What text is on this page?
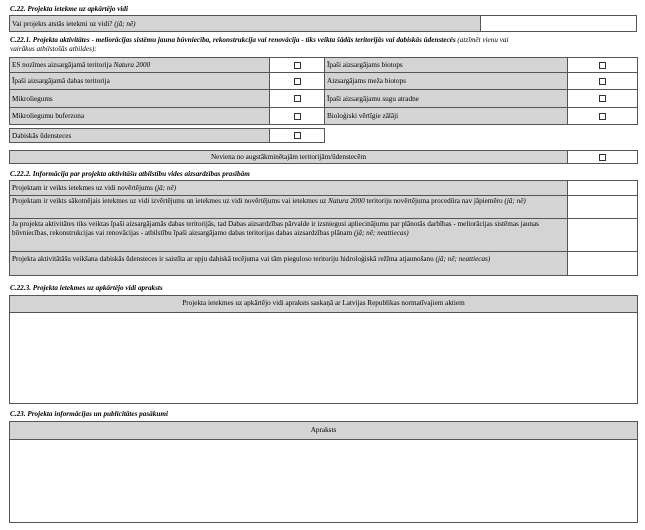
C.22. Projekta ietekme uz apkārtējo vidi
Vai projekts atstās ietekmi uz vidi? (jā; nē)
C.22.1. Projekta aktivitātes - meliorācijas sistēmu jauna būvniecība, rekonstrukcija vai renovācija - tiks veikta šādās teritorijās vai dabiskās ūdenstecēs (atzīmēt vienu vai
vairākus atbilstošās atbildes):
ES nozīmes aizsargājamā teritorija Natura 2000
Īpaši aizsargājamā dabas teritorija
Mikroliegums
Mikroliegumu buferzona
Īpaši aizsargājams biotops
Aizsargājams meža biotops
Īpaši aizsargājamu sugu atradne
Bioloģiski vērtīgie zālāji
Dabiskās ūdensteces
Neviena no augstākminētajām teritorijām/ūdenstecēm
C.22.2. Informācija par projekta aktivitāšu atbilstību vides aizsardzības prasībām
Projektam ir veikts ietekmes uz vidi novērtējums (jā; nē)
Projektam ir veikts sākotnējais ietekmes uz vidi izvērtējums un ietekmes uz vidi novērtējums vai ietekmes uz Natura 2000 teritoriju novērtējuma procedūra nav jāpiemēro (jā; nē)
Ja projekta aktivitātes tiks veiktas īpaši aizsargājamās dabas teritorijās, tad Dabas aizsardzības pārvalde ir izsniegusi apliecinājumu par plānotās darbības - meliorācijas sistēmas jaunas būvniecības, rekonstrukcijas vai renovācijas - atbilstību īpaši aizsargājamo dabas teritorijas dabas aizsardzības plānam (jā; nē; neattiecas)
Projekta aktivitātāšu veikšana dabiskās ūdensteces ir saistīta ar upju dabiskā tecējuma vai tām pieguloso teritoriju hidroloģiskā režīma atjaunošanu (jā; nē; neattiecas)
C.22.3. Projekta ietekmes uz apkārtējo vidi apraksts
Projekta ietekmes uz apkārtējo vidi apraksts saskaņā ar Latvijas Republikas normatīvajiem aktiem
C.23. Projekta informācijas un publicitātes pasākumi
Apraksts
